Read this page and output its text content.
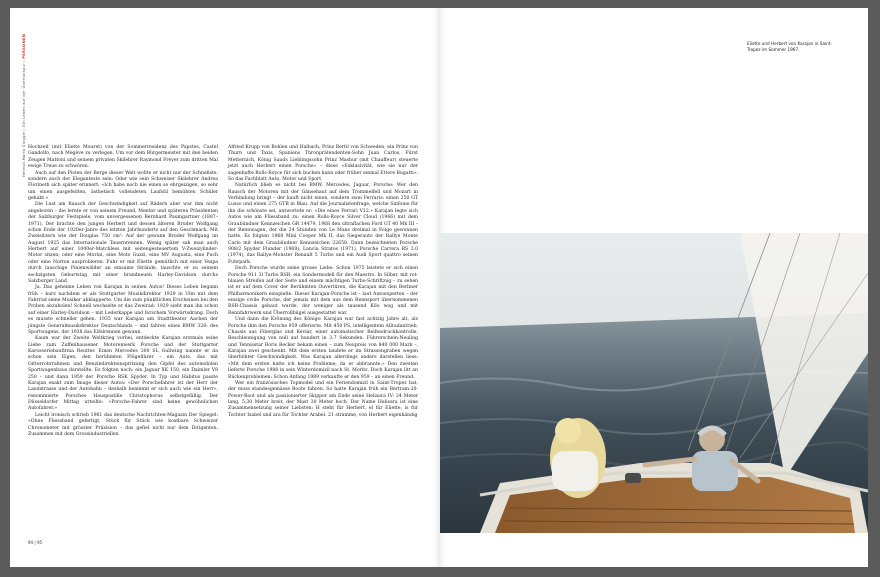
Helmut-Maria Glogger / Ein Leben auf der Überholspur / PERSONEN

Hochzeit (mit Eliette Mouret) von der Sommerresidenz des Papstes, Castel Gandolfo, nach Megève zu verlegen. Um vor dem Bürgermeister mit den beiden Zeugen Mattoni und seinem privaten Skilehrer Raymond Freyer zum dritten Mal ewige Treue zu schwören.

Auch auf den Pisten der Berge dieser Welt wollte er nicht nur der Schnellste, sondern auch der Eleganteste sein: Oder wie sein Schweizer Skilehrer Andrea Florineth sich später erinnert: «Ich habe noch nie einen so ehrgeizigen, so sehr um einen ausgefeilten, ästhetisch vollendeten Laufstil bemühten Schüler gehabt.»

Die Lust am Rausch der Geschwindigkeit auf Rädern aber war ihm nicht angeboren – die lernte er von seinem Freund, Mentor und späteren Präsidenten der Salzburger Festspiele, vom unvergessenen Bernhard Paumgartner (1887–1971). Der brachte den jungen Herbert und dessen älteren Bruder Wolfgang schon Ende der 1920er-Jahre des letzten Jahrhunderts auf den Geschmack. Mit Zweisitzern wie der Douglas 750 cm³. Auf der gewann Bruder Wolfgang im August 1925 das Internationale Tauernrennen. Wenig später sah man auch Herbert auf einer 1000er-Matchless mit seitengesteuertem V-Zweizylinder-Motor sitzen; oder eine Morini, eine Moto Guzzi, eine MV Augusta, eine Puch oder eine Norton ausprobieren. Fuhr er mit Eliette gemütlich mit einer Vespa durch lauschige Pinienwälder an einsame Strände, tauschte er zu seinem sechzigsten Geburtstag mit einer brandneuen Harley-Davidson durchs Salzburger Land.

Ja. Das geheime Leben von Karajan in seinen Autos! Dieses Leben begann früh – kurz nachdem er als Stuttgarter Musikdirektor 1929 in Ulm mit dem Fahrrad seine Musiker abklapperte. Um die zum pünktlichen Erscheinen bei den Proben abzuholen! Schnell wechselte er das Zweirad: 1929 sieht man ihn schon auf einer Harley-Davidson – mit Lederkappe und forschem Vorwärtsdrang. Doch es musste schneller gehen. 1935 war Karajan am Stadttheater Aachen der jüngste Generalmusikdirektor Deutschlands – und fahren eines BMW 328: des Sportwagens, der 1938 das Eifelrennen gewann.

Kaum war der Zweite Weltkrieg vorbei, entdeckte Karajan erstmals seine Liebe zum Zuffenhausener Motorenwerk Porsche und der Stuttgarter Karosseriebaufirma Reutter. Einen Mercedes 300 SL Gullwing nannte er da schon sein Eigen, den berühmten Flügeltürer – ein Auto, das mit Gitterrohrrahmen und Benzindirekteinspritzung den Gipfel des automobilen Sportwagenbaus darstellte. Es folgten noch: ein Jaguar XK 150, ein Daimler V8 250 – und dann 1959 der Porsche RSK Spyder. In Typ und Habitus passte Karajan exakt zum Image dieser Autos: «Der Porschefahrer ist der Herr der Landstrasse und der Autobahn – deshalb benimmt er sich auch wie ein Herr», renommierte Porsches Hauspostille Christophorus selbstgefällig. Der Düsseldorfer Mittag urteilte: «Porsche-Fahrer sind keine gewöhnlichen Autofahrer.»

Leicht ironisch schrieb 1961 das deutsche Nachrichten-Magazin Der Spiegel: «Ohne Fliessband gefertigt, Stück für Stück wie kostbare Schweizer Chronometer mit grösster Präzision – das gefiel nicht nur dem Dirigenten. Zusammen mit dem Grossindustriellen

Alfried Krupp von Bohlen und Halbach, Prinz Bertil von Schweden, ein Prinz von Thurn und Taxis, Spaniens Thronprätendenten-Sohn Juan Carlos, Fürst Metternich, König Sauds Lieblingssohn Prinz Mashur (mit Chauffeur) steuerte jetzt auch Herbert einen Porsche» – diese «Exklusivität, wie sie nur der sagenhafte Rolls-Royce für sich buchen kann oder früher einmal Ettore Bugatti». So das Fachblatt Auto, Motor und Sport.

Natürlich blieb es nicht bei BMW, Mercedes, Jaguar, Porsche: Wer den Rausch der Motoren mit der Gänsehaut auf dem Trommelfell und Mozart in Verbindung bringt – der kauft nicht einen, sondern zwei Ferraris: einen 250 GT Lusso und einen 275 GTB in Blau. Auf die Journalistenfrage, welche Sinfonie für ihn die schönste sei, antwortete er: «Die eines Ferrari V12.» Karajan legte sich Autos wie am Fliessband zu: einen Rolls-Royce Silver Cloud (1966) mit dem Graubündner Kennzeichen GR 14479, 1968 den ultraflachen Ford GT 40 Mk III – der Rennwagen, der die 24 Stunden von Le Mans dreimal in Folge gewonnen hatte. Es folgten 1968 Mini Cooper Mk II, das Siegerauto der Rallye Monte Carlo mit dem Graubündner Kennzeichen 22658. Dann bezeichneten Porsche 908/2 Spyder Flunder (1969), Lancia Stratos (1971), Porsche Carrera RS 3.0 (1974), das Rallye-Monster Renault 5 Turbo und ein Audi Sport quattro seinen Fuhrpark.

Doch Porsche wurde seine grosse Liebe: Schon 1975 leistete er sich einen Porsche 911 3l Turbo RSR, ein Sondermodell für den Maestro. In Silber, mit rot-blauen Streifen auf der Seite und einem mächtigen Turbo-Schriftzug – zu sehen ist er auf dem Cover der Berühmten Ouvertüren, die Karajan mit den Berliner Philharmonikern einspielte. Dieser Karajan-Porsche ist – laut Autoexperten – der einzige civile Porsche, der jemals mit dem aus dem Rennsport übernommenen RSR-Chassis gebaut wurde, der weniger als tausend Kilo wog und mit Rennfahrwerk und Überrollbügel ausgestattet war.

Und dann die Krönung des Königs: Karajan war fast achtzig Jahre alt, als Porsche ihm den Porsche 959 offerierte. Mit 450 PS, intelligentem Allradantrieb, Chassis aus Fiberglas und Kevlar, einer automatischer Reifendruckkontrolle, Beschleunigung von null auf hundert in 3,7 Sekunden. Führerschein-Neuling und Tennisstar Boris Becker bekam einen – zum Neupreis von 840 000 Mark –, Karajan zwei geschenkt. Mit dem ersten landete er im Strassengraben wegen überhöhter Geschwindigkeit. Was Karajan allerdings anders darstellen liess: «Mit dem ersten hatte ich keine Probleme, da er abbrannte.» Den zweiten lieferte Porsche 1988 in sein Winterdomizil nach St. Moritz. Doch Karajan litt an Rückenproblemen: Schon Anfang 1989 verkaufte er den 959 – an einen Freund.

Wer ein französisches Topmodel und ein Feriendomizil in Saint-Tropez hat, der muss standesgemässe Boote fahren. So hatte Karajan früh ein Bertram-20-Power-Boot und als passionierter Skipper am Ende seine Helisara IV: 24 Meter lang, 5,30 Meter breit, der Mast 30 Meter hoch. Der Name Helisara ist eine Zusammensetzung seiner Liebsten: H steht für Herbert, el für Eliette, is für Tochter Isabel und ara für Tochter Arabel. 21 stramme, von Herbert eigenhändig

94 | 95
Eliette und Herbert von Karajan in Saint-Tropez im Sommer 1967.
